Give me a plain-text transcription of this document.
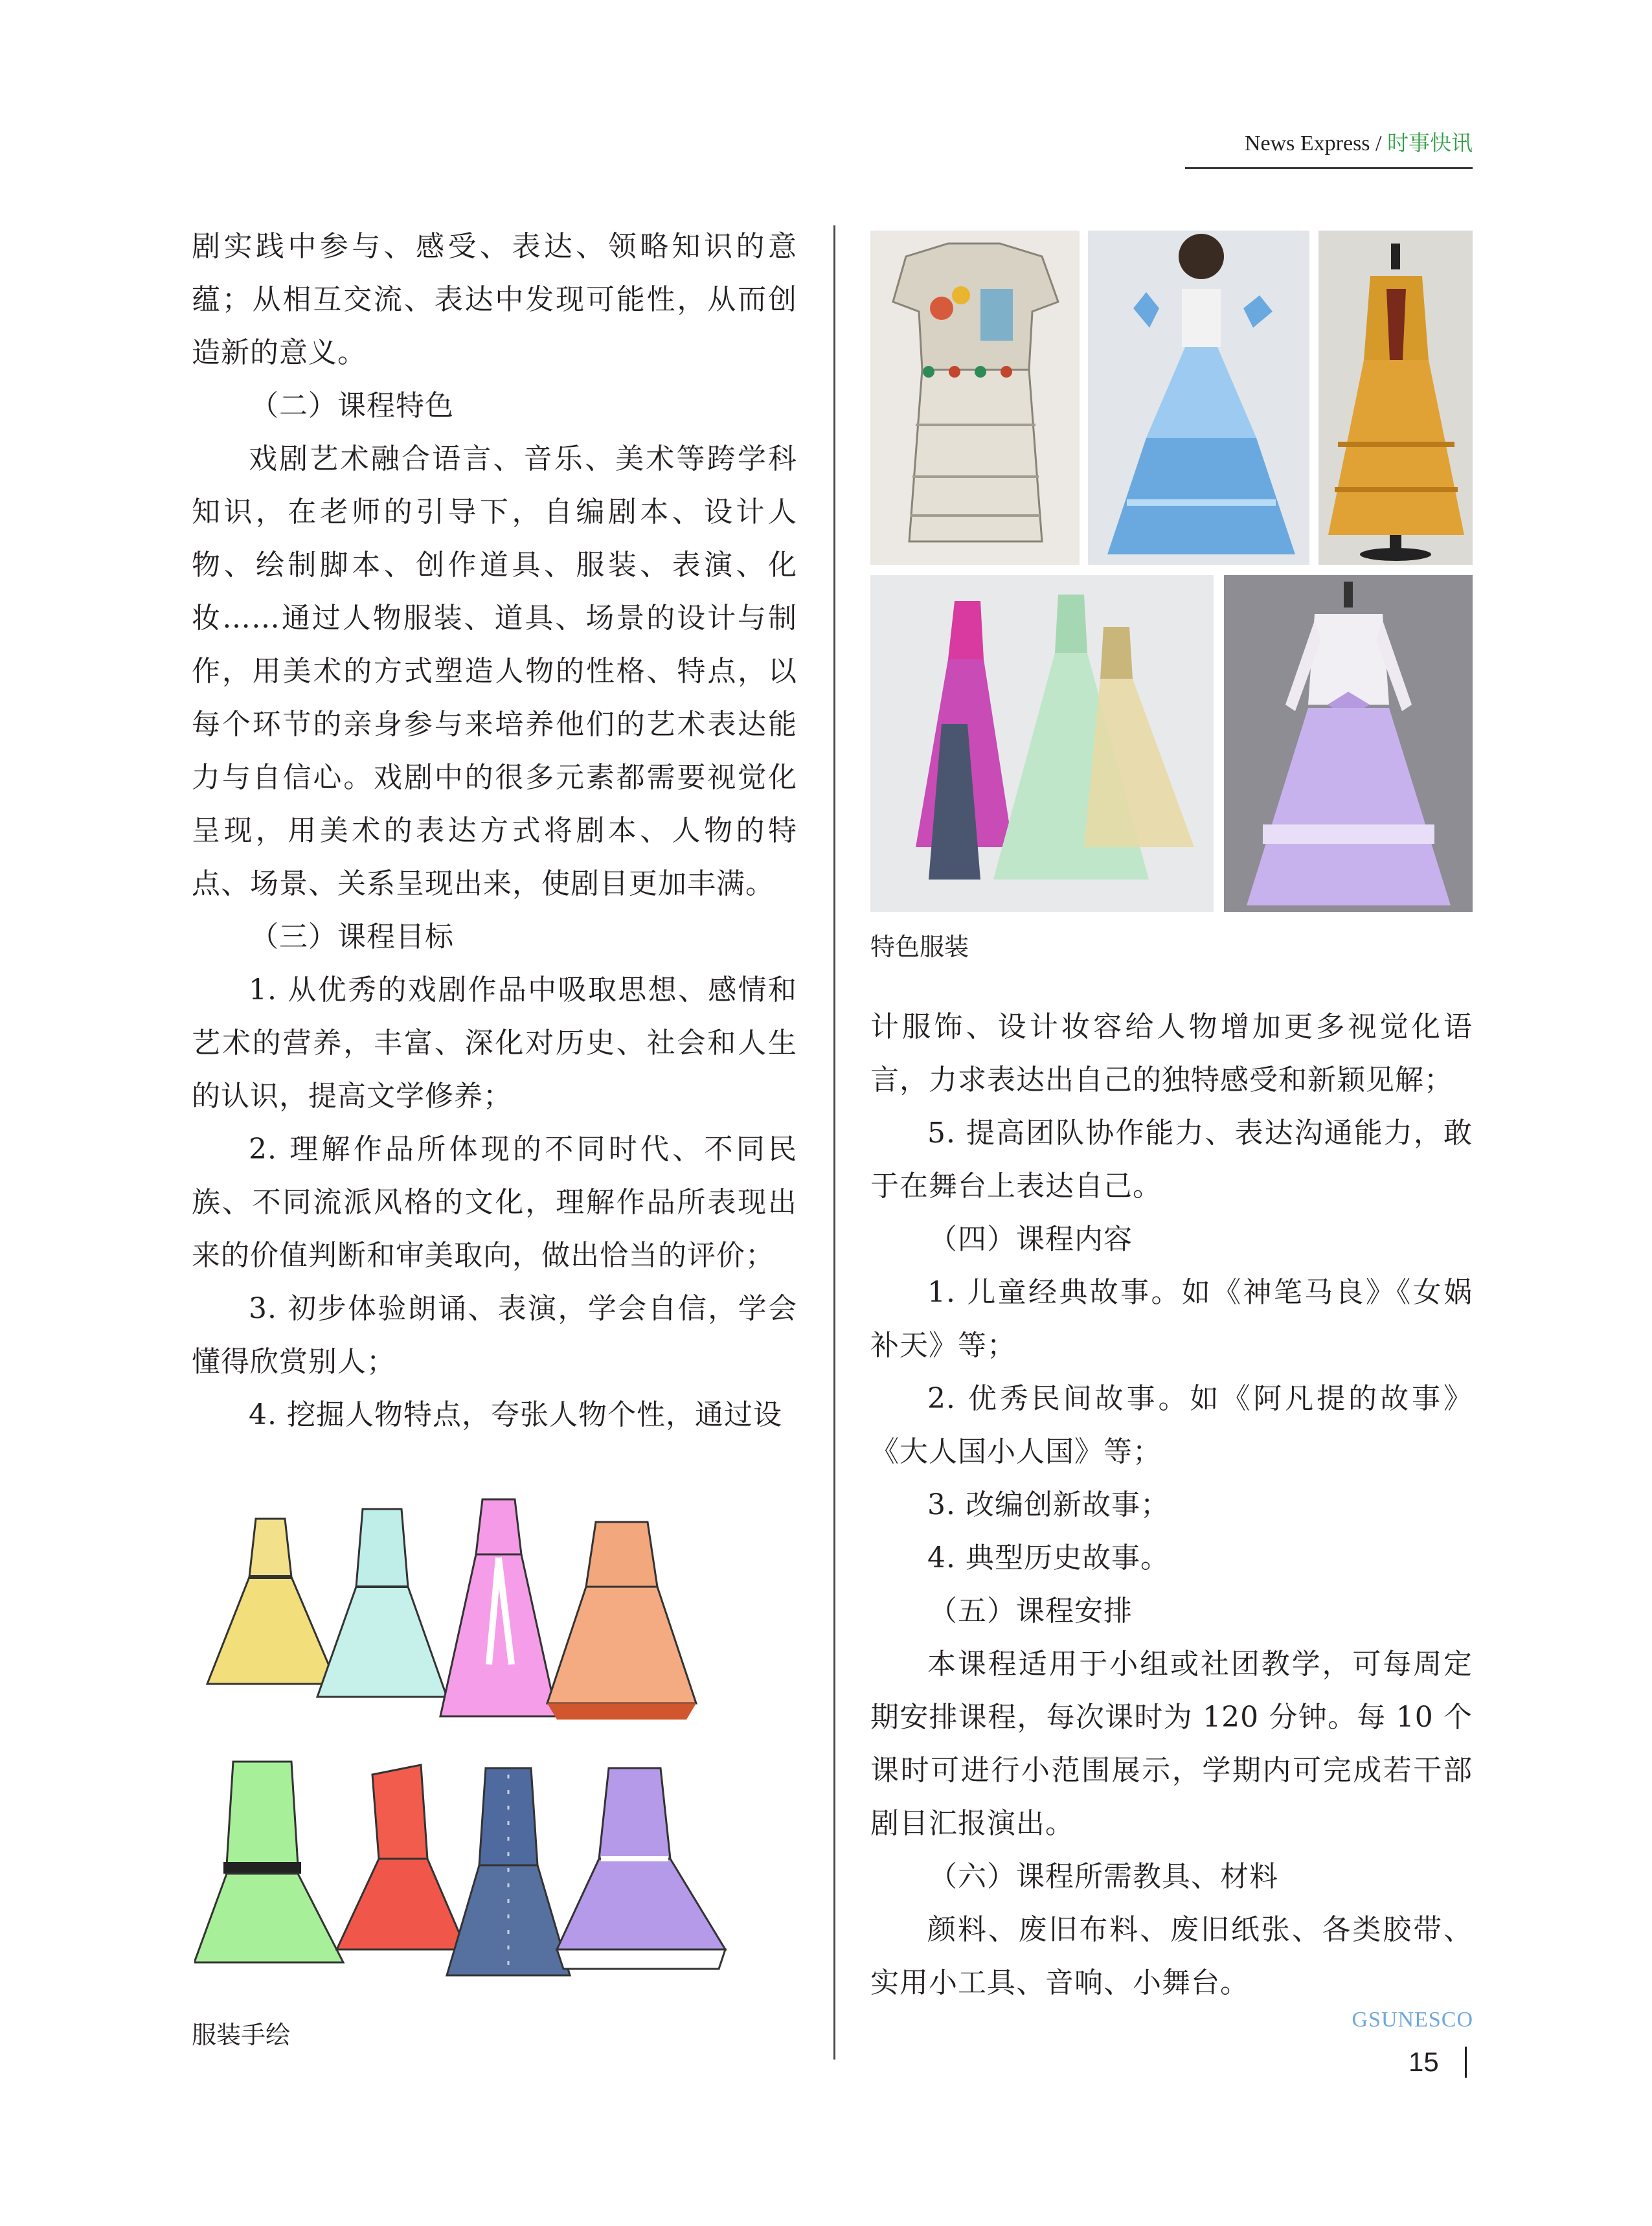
News Express / 时事快讯

剧实践中参与、感受、表达、领略知识的意蕴；从相互交流、表达中发现可能性，从而创造新的意义。

（二）课程特色

戏剧艺术融合语言、音乐、美术等跨学科知识，在老师的引导下，自编剧本、设计人物、绘制脚本、创作道具、服装、表演、化妆……通过人物服装、道具、场景的设计与制作，用美术的方式塑造人物的性格、特点，以每个环节的亲身参与来培养他们的艺术表达能力与自信心。戏剧中的很多元素都需要视觉化呈现，用美术的表达方式将剧本、人物的特点、场景、关系呈现出来，使剧目更加丰满。

（三）课程目标

1. 从优秀的戏剧作品中吸取思想、感情和艺术的营养，丰富、深化对历史、社会和人生的认识，提高文学修养；

2. 理解作品所体现的不同时代、不同民族、不同流派风格的文化，理解作品所表现出来的价值判断和审美取向，做出恰当的评价；

3. 初步体验朗诵、表演，学会自信，学会懂得欣赏别人；

4. 挖掘人物特点，夸张人物个性，通过设

特色服装

计服饰、设计妆容给人物增加更多视觉化语言，力求表达出自己的独特感受和新颖见解；

5. 提高团队协作能力、表达沟通能力，敢于在舞台上表达自己。

（四）课程内容

1. 儿童经典故事。如《神笔马良》《女娲补天》等；

2. 优秀民间故事。如《阿凡提的故事》《大人国小人国》等；

3. 改编创新故事；

4. 典型历史故事。

（五）课程安排

本课程适用于小组或社团教学，可每周定期安排课程，每次课时为 120 分钟。每 10 个课时可进行小范围展示，学期内可完成若干部剧目汇报演出。

（六）课程所需教具、材料

颜料、废旧布料、废旧纸张、各类胶带、实用小工具、音响、小舞台。

服装手绘
GSUNESCO
15
